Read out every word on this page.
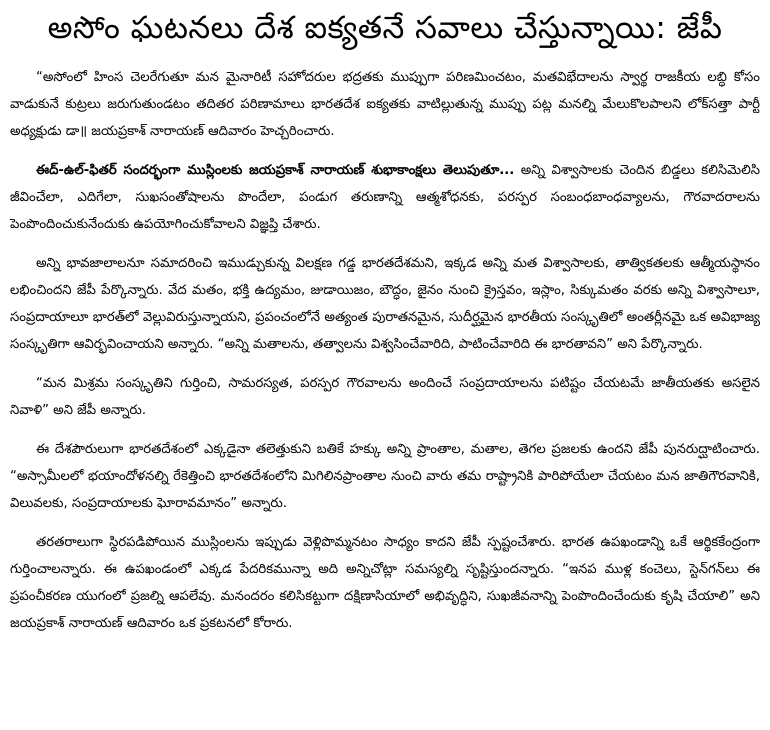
అసోం ఘటనలు దేశ ఐక్యతనే సవాలు చేస్తున్నాయి: జేపీ

“అసోంలో హింస చెలరేగుతూ మన మైనారిటీ సహోదరుల భద్రతకు ముప్పుగా పరిణమించటం, మతవిభేదాలను స్వార్థ రాజకీయ లబ్ధి కోసం వాడుకునే కుట్రలు జరుగుతుండటం తదితర పరిణామాలు భారతదేశ ఐక్యతకు వాటిల్లుతున్న ముప్పు పట్ల మనల్ని మేలుకొలపాలని లోక్‌సత్తా పార్టీ అధ్యక్షుడు డా॥ జయప్రకాశ్ నారాయణ్ ఆదివారం హెచ్చరించారు.

ఈద్-ఉల్-ఫితర్ సందర్భంగా ముస్లింలకు జయప్రకాశ్ నారాయణ్ శుభాకాంక్షలు తెలుపుతూ... అన్ని విశ్వాసాలకు చెందిన బిడ్డలు కలిసిమెలిసి జీవించేలా, ఎదిగేలా, సుఖసంతోషాలను పొందేలా, పండుగ తరుణాన్ని ఆత్మశోధనకు, పరస్పర సంబంధబాంధవ్యాలను, గౌరవాదరాలను పెంపొందించుకునేందుకు ఉపయోగించుకోవాలని విజ్ఞప్తి చేశారు.

అన్ని భావజాలాలనూ సమాదరించి ఇముడ్చుకున్న విలక్షణ గడ్డ భారతదేశమని, ఇక్కడ అన్ని మత విశ్వాసాలకు, తాత్వికతలకు ఆత్మీయస్థానం లభించిందని జేపీ పేర్కొన్నారు. వేద మతం, భక్తి ఉద్యమం, జుడాయిజం, బౌద్ధం, జైనం నుంచి క్రైస్తవం, ఇస్లాం, సిక్కుమతం వరకు అన్ని విశ్వాసాలూ, సంప్రదాయాలూ భారత్‌లో వెల్లువిరుస్తున్నాయని, ప్రపంచంలోనే అత్యంత పురాతనమైన, సుదీర్ఘమైన భారతీయ సంస్కృతిలో అంతర్లీనమై ఒక అవిభాజ్య సంస్కృతిగా ఆవిర్భవించాయని అన్నారు. “అన్ని మతాలను, తత్వాలను విశ్వసించేవారిది, పాటించేవారిది ఈ భారతావని” అని పేర్కొన్నారు.

“మన మిశ్రమ సంస్కృతిని గుర్తించి, సామరస్యత, పరస్పర గౌరవాలను అందించే సంప్రదాయాలను పటిష్టం చేయటమే జాతీయతకు అసలైన నివాళి” అని జేపీ అన్నారు.

ఈ దేశపౌరులుగా భారతదేశంలో ఎక్కడైనా తలెత్తుకుని బతికే హక్కు అన్ని ప్రాంతాల, మతాల, తెగల ప్రజలకు ఉందని జేపీ పునరుద్ఘాటించారు. “అస్సామీలలో భయాందోళనల్ని రేకెత్తించి భారతదేశంలోని మిగిలినప్రాంతాల నుంచి వారు తమ రాష్ట్రానికి పారిపోయేలా చేయటం మన జాతిగౌరవానికి, విలువలకు, సంప్రదాయాలకు ఘోరావమానం” అన్నారు.

తరతరాలుగా స్థిరపడిపోయిన ముస్లింలను ఇప్పుడు వెళ్లిపొమ్మనటం సాధ్యం కాదని జేపీ స్పష్టంచేశారు. భారత ఉపఖండాన్ని ఒకే ఆర్థికకేంద్రంగా గుర్తించాలన్నారు. ఈ ఉపఖండంలో ఎక్కడ పేదరికమున్నా అది అన్నిచోట్లా సమస్యల్ని సృష్టిస్తుందన్నారు. “ఇనప ముళ్ల కంచెలు, స్టెన్‌గన్‌లు ఈ ప్రపంచీకరణ యుగంలో ప్రజల్ని ఆపలేవు. మనందరం కలిసికట్టుగా దక్షిణాసియాలో అభివృద్ధిని, సుఖజీవనాన్ని పెంపొందించేందుకు కృషి చేయాలి” అని జయప్రకాశ్ నారాయణ్ ఆదివారం ఒక ప్రకటనలో కోరారు.
